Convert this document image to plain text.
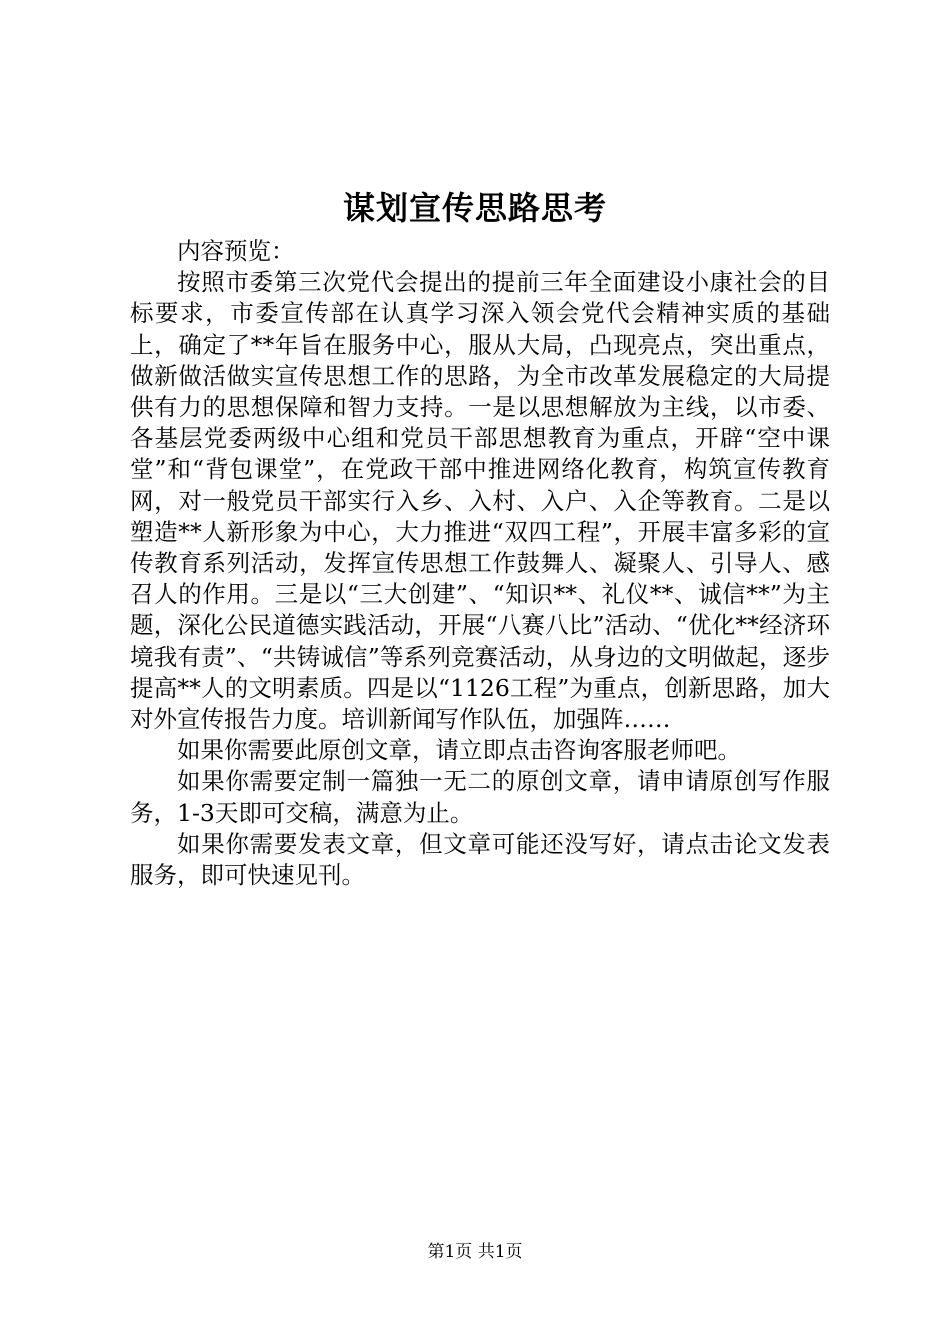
谋划宣传思路思考

内容预览：

按照市委第三次党代会提出的提前三年全面建设小康社会的目标要求，市委宣传部在认真学习深入领会党代会精神实质的基础上，确定了**年旨在服务中心，服从大局，凸现亮点，突出重点，做新做活做实宣传思想工作的思路，为全市改革发展稳定的大局提供有力的思想保障和智力支持。一是以思想解放为主线，以市委、各基层党委两级中心组和党员干部思想教育为重点，开辟“空中课堂”和“背包课堂”，在党政干部中推进网络化教育，构筑宣传教育网，对一般党员干部实行入乡、入村、入户、入企等教育。二是以塑造**人新形象为中心，大力推进“双四工程”，开展丰富多彩的宣传教育系列活动，发挥宣传思想工作鼓舞人、凝聚人、引导人、感召人的作用。三是以“三大创建”、“知识**、礼仪**、诚信**”为主题，深化公民道德实践活动，开展“八赛八比”活动、“优化**经济环境我有责”、“共铸诚信”等系列竞赛活动，从身边的文明做起，逐步提高**人的文明素质。四是以“1126工程”为重点，创新思路，加大对外宣传报告力度。培训新闻写作队伍，加强阵……

如果你需要此原创文章，请立即点击咨询客服老师吧。

如果你需要定制一篇独一无二的原创文章，请申请原创写作服务，1-3天即可交稿，满意为止。

如果你需要发表文章，但文章可能还没写好，请点击论文发表服务，即可快速见刊。

第1页 共1页
